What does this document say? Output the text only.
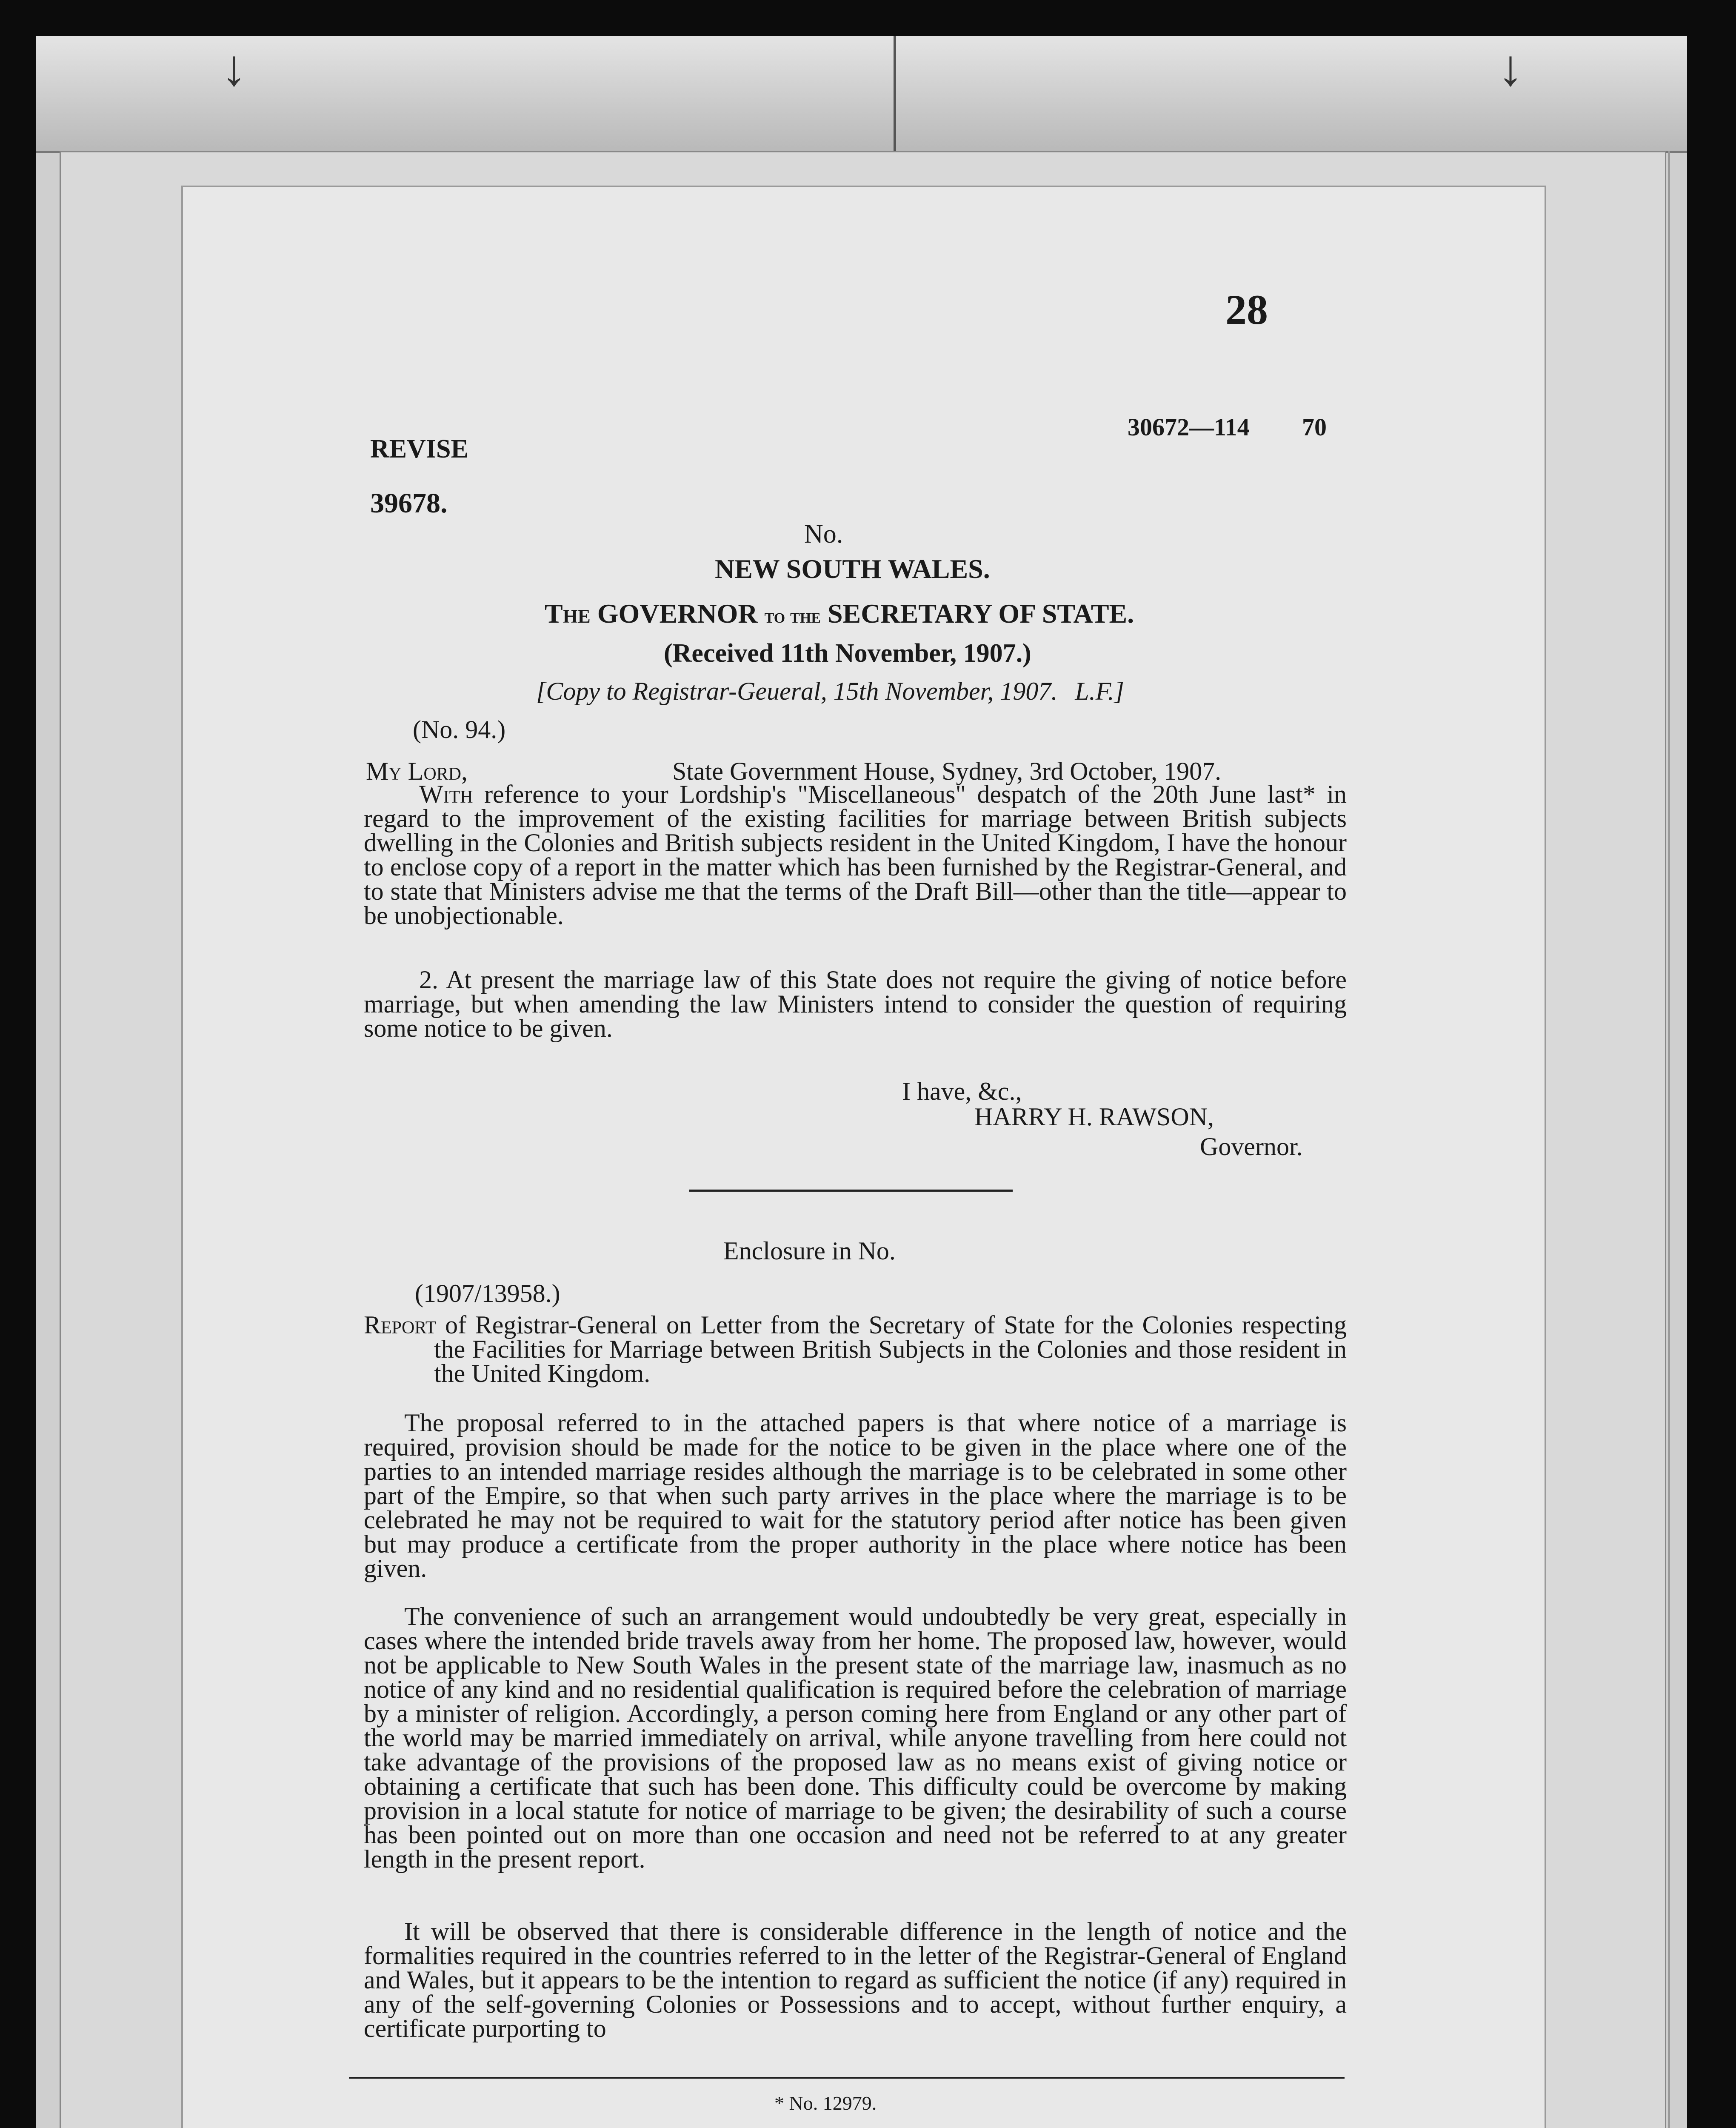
↓	↓
28
REVISE
30672—114 70
39678.
No.
NEW SOUTH WALES.
The GOVERNOR to the SECRETARY OF STATE.
(Received 11th November, 1907.)
[Copy to Registrar-Geueral, 15th November, 1907. L.F.]
(No. 94.)
My Lord,	State Government House, Sydney, 3rd October, 1907.
With reference to your Lordship's "Miscellaneous" despatch of the 20th June last* in regard to the improvement of the existing facilities for marriage between British subjects dwelling in the Colonies and British subjects resident in the United Kingdom, I have the honour to enclose copy of a report in the matter which has been furnished by the Registrar-General, and to state that Ministers advise me that the terms of the Draft Bill—other than the title—appear to be unobjectionable.
2. At present the marriage law of this State does not require the giving of notice before marriage, but when amending the law Ministers intend to consider the question of requiring some notice to be given.
I have, &c.,
HARRY H. RAWSON,
Governor.
Enclosure in No.
(1907/13958.)
Report of Registrar-General on Letter from the Secretary of State for the Colonies respecting the Facilities for Marriage between British Subjects in the Colonies and those resident in the United Kingdom.
The proposal referred to in the attached papers is that where notice of a marriage is required, provision should be made for the notice to be given in the place where one of the parties to an intended marriage resides although the marriage is to be celebrated in some other part of the Empire, so that when such party arrives in the place where the marriage is to be celebrated he may not be required to wait for the statutory period after notice has been given but may produce a certificate from the proper authority in the place where notice has been given.
The convenience of such an arrangement would undoubtedly be very great, especially in cases where the intended bride travels away from her home. The proposed law, however, would not be applicable to New South Wales in the present state of the marriage law, inasmuch as no notice of any kind and no residential qualification is required before the celebration of marriage by a minister of religion. Accordingly, a person coming here from England or any other part of the world may be married immediately on arrival, while anyone travelling from here could not take advantage of the provisions of the proposed law as no means exist of giving notice or obtaining a certificate that such has been done. This difficulty could be overcome by making provision in a local statute for notice of marriage to be given; the desirability of such a course has been pointed out on more than one occasion and need not be referred to at any greater length in the present report.
It will be observed that there is considerable difference in the length of notice and the formalities required in the countries referred to in the letter of the Registrar-General of England and Wales, but it appears to be the intention to regard as sufficient the notice (if any) required in any of the self-governing Colonies or Possessions and to accept, without further enquiry, a certificate purporting to
* No. 12979.
